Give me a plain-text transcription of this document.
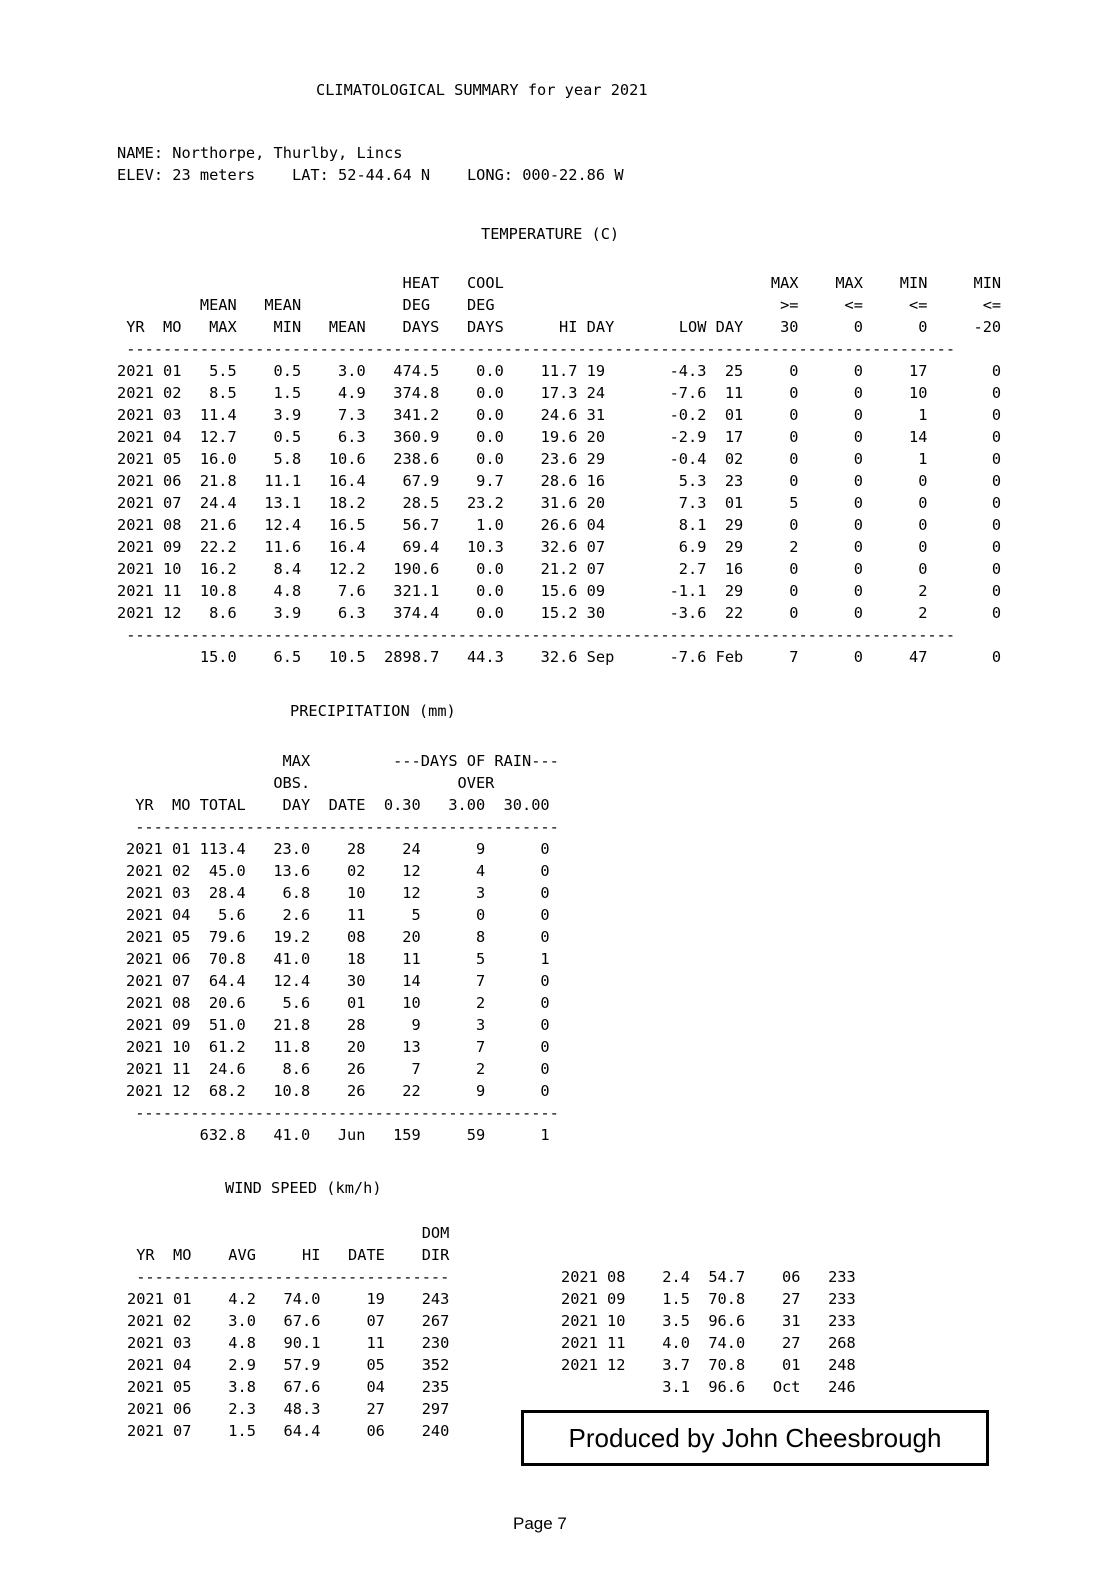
CLIMATOLOGICAL SUMMARY for year 2021
NAME: Northorpe, Thurlby, Lincs
ELEV: 23 meters    LAT: 52-44.64 N    LONG: 000-22.86 W
TEMPERATURE (C)
PRECIPITATION (mm)
WIND SPEED (km/h)
HEAT   COOL                             MAX    MAX    MIN     MIN
MEAN   MEAN           DEG    DEG                               >=     <=     <=      <=
YR  MO   MAX    MIN   MEAN    DAYS   DAYS      HI DAY       LOW DAY    30      0      0     -20
------------------------------------------------------------------------------------------
2021 01   5.5    0.5    3.0   474.5    0.0    11.7 19       -4.3  25     0      0     17       0
2021 02   8.5    1.5    4.9   374.8    0.0    17.3 24       -7.6  11     0      0     10       0
2021 03  11.4    3.9    7.3   341.2    0.0    24.6 31       -0.2  01     0      0      1       0
2021 04  12.7    0.5    6.3   360.9    0.0    19.6 20       -2.9  17     0      0     14       0
2021 05  16.0    5.8   10.6   238.6    0.0    23.6 29       -0.4  02     0      0      1       0
2021 06  21.8   11.1   16.4    67.9    9.7    28.6 16        5.3  23     0      0      0       0
2021 07  24.4   13.1   18.2    28.5   23.2    31.6 20        7.3  01     5      0      0       0
2021 08  21.6   12.4   16.5    56.7    1.0    26.6 04        8.1  29     0      0      0       0
2021 09  22.2   11.6   16.4    69.4   10.3    32.6 07        6.9  29     2      0      0       0
2021 10  16.2    8.4   12.2   190.6    0.0    21.2 07        2.7  16     0      0      0       0
2021 11  10.8    4.8    7.6   321.1    0.0    15.6 09       -1.1  29     0      0      2       0
2021 12   8.6    3.9    6.3   374.4    0.0    15.2 30       -3.6  22     0      0      2       0
------------------------------------------------------------------------------------------
15.0    6.5   10.5  2898.7   44.3    32.6 Sep      -7.6 Feb     7      0     47       0
MAX         ---DAYS OF RAIN---
OBS.                OVER
YR  MO TOTAL    DAY  DATE  0.30   3.00  30.00
----------------------------------------------
2021 01 113.4   23.0    28    24      9      0
2021 02  45.0   13.6    02    12      4      0
2021 03  28.4    6.8    10    12      3      0
2021 04   5.6    2.6    11     5      0      0
2021 05  79.6   19.2    08    20      8      0
2021 06  70.8   41.0    18    11      5      1
2021 07  64.4   12.4    30    14      7      0
2021 08  20.6    5.6    01    10      2      0
2021 09  51.0   21.8    28     9      3      0
2021 10  61.2   11.8    20    13      7      0
2021 11  24.6    8.6    26     7      2      0
2021 12  68.2   10.8    26    22      9      0
----------------------------------------------
632.8   41.0   Jun   159     59      1
DOM
YR  MO    AVG     HI   DATE    DIR
----------------------------------
2021 01    4.2   74.0     19    243
2021 02    3.0   67.6     07    267
2021 03    4.8   90.1     11    230
2021 04    2.9   57.9     05    352
2021 05    3.8   67.6     04    235
2021 06    2.3   48.3     27    297
2021 07    1.5   64.4     06    240
2021 08    2.4  54.7    06   233
2021 09    1.5  70.8    27   233
2021 10    3.5  96.6    31   233
2021 11    4.0  74.0    27   268
2021 12    3.7  70.8    01   248
3.1  96.6   Oct   246
Produced by John Cheesbrough
Page 7
